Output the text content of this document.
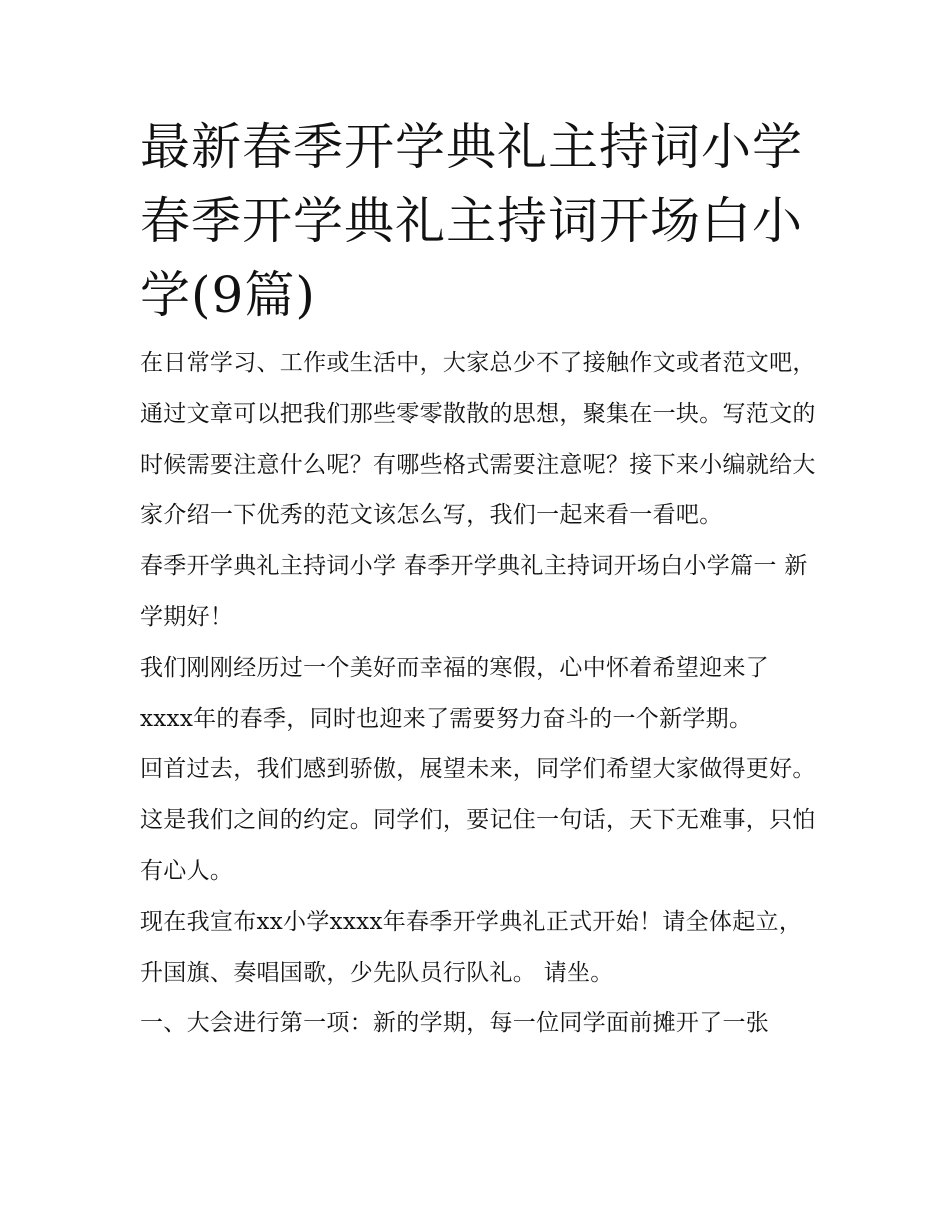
最新春季开学典礼主持词小学春季开学典礼主持词开场白小学(9篇)

在日常学习、工作或生活中，大家总少不了接触作文或者范文吧，通过文章可以把我们那些零零散散的思想，聚集在一块。写范文的时候需要注意什么呢？有哪些格式需要注意呢？接下来小编就给大家介绍一下优秀的范文该怎么写，我们一起来看一看吧。

春季开学典礼主持词小学 春季开学典礼主持词开场白小学篇一 新学期好！

我们刚刚经历过一个美好而幸福的寒假，心中怀着希望迎来了xxxx年的春季，同时也迎来了需要努力奋斗的一个新学期。

回首过去，我们感到骄傲，展望未来，同学们希望大家做得更好。这是我们之间的约定。同学们，要记住一句话，天下无难事，只怕有心人。

现在我宣布xx小学xxxx年春季开学典礼正式开始！请全体起立，升国旗、奏唱国歌，少先队员行队礼。 请坐。

一、大会进行第一项：新的学期，每一位同学面前摊开了一张
